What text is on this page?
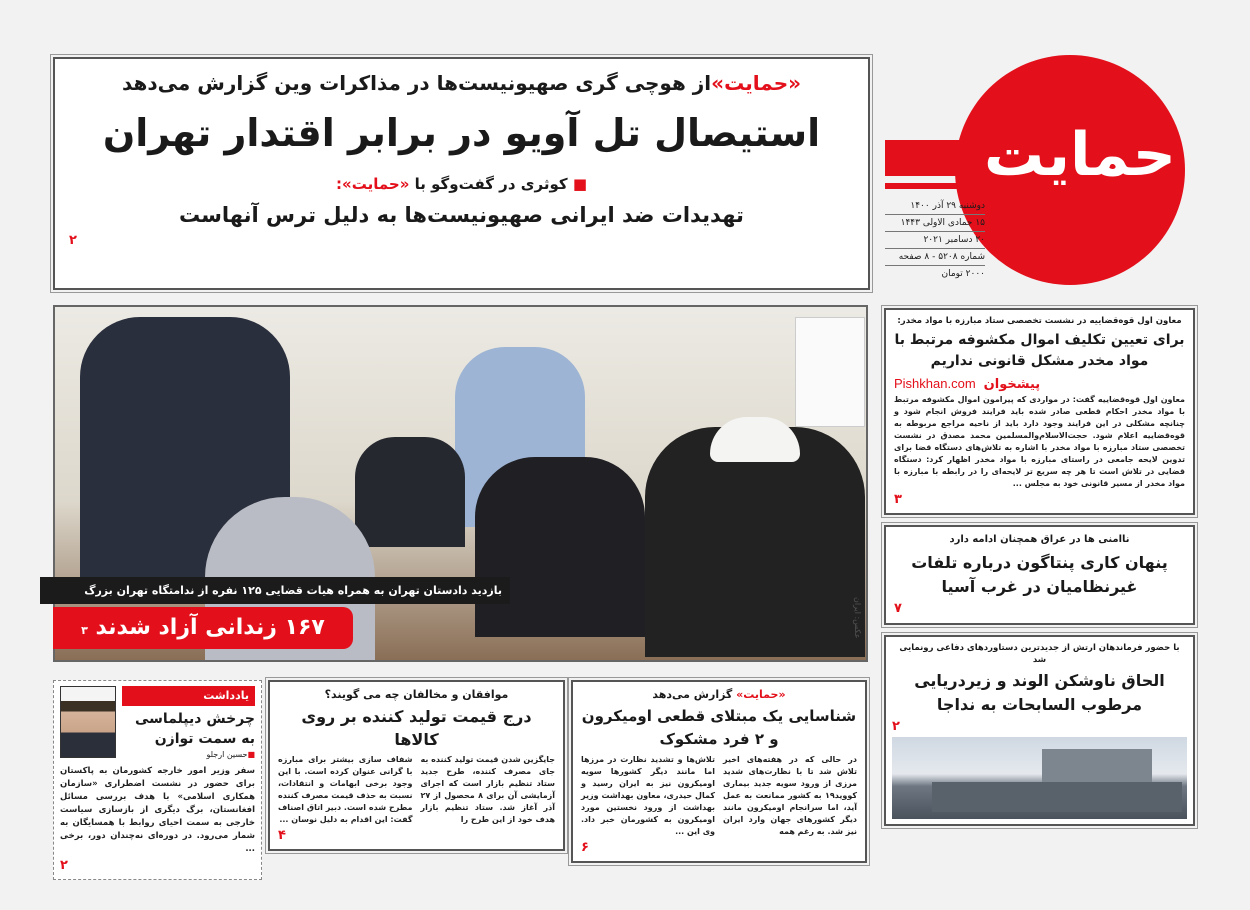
حمایت
دوشنبه ۲۹ آذر ۱۴۰۰
۱۵ جمادی الاولی ۱۴۴۳
۲۰ دسامبر ۲۰۲۱
شماره ۵۲۰۸ - ۸ صفحه
۲۰۰۰ تومان
«حمایت»از هوچی گری صهیونیست‌ها در مذاکرات وین گزارش می‌دهد
استیصال تل آویو در برابر اقتدار تهران
■ کوثری در گفت‌وگو با «حمایت»:
تهدیدات ضد ایرانی صهیونیست‌ها به دلیل ترس آنهاست
۲
عکس: ایران
بازدید دادستان تهران به همراه هیات قضایی ۱۲۵ نفره از ندامتگاه تهران بزرگ
۱۶۷ زندانی آزاد شدند ۳
معاون اول قوه‌قضاییه در نشست تخصصی ستاد مبارزه با مواد مخدر:
برای تعیین تکلیف اموال مکشوفه مرتبط با مواد مخدر مشکل قانونی نداریم
Pishkhan.com پیشخوان
معاون اول قوه‌قضاییه گفت: در مواردی که پیرامون اموال مکشوفه مرتبط با مواد مخدر احکام قطعی صادر شده باید فرایند فروش انجام شود و چنانچه مشکلی در این فرایند وجود دارد باید از ناحیه مراجع مربوطه به قوه‌قضاییه اعلام شود. حجت‌الاسلام‌والمسلمین محمد مصدق در نشست تخصصی ستاد مبارزه با مواد مخدر با اشاره به تلاش‌های دستگاه قضا برای تدوین لایحه جامعی در راستای مبارزه با مواد مخدر اظهار کرد: دستگاه قضایی در تلاش است تا هر چه سریع تر لایحه‌ای را در رابطه با مبارزه با مواد مخدر از مسیر قانونی خود به مجلس ...
۳
ناامنی ها در عراق همچنان ادامه دارد
پنهان کاری پنتاگون درباره تلفات غیرنظامیان در غرب آسیا
۷
با حضور فرماندهان ارتش از جدیدترین دستاوردهای دفاعی رونمایی شد
الحاق ناوشکن الوند و زیردریایی مرطوب السابحات به نداجا
۲
یادداشت
چرخش دیپلماسی به سمت توازن
■حسین ارجلو
سفر وزیر امور خارجه کشورمان به پاکستان برای حضور در نشست اضطراری «سازمان همکاری اسلامی» با هدف بررسی مسائل افغانستان، برگ دیگری از بازسازی سیاست خارجی به سمت احیای روابط با همسایگان به شمار می‌رود. در دوره‌ای نه‌چندان دور، برخی ...
۲
موافقان و مخالفان چه می گویند؟
درج قیمت تولید کننده بر روی کالاها
جایگزین شدن قیمت تولید کننده به جای مصرف کننده، طرح جدید ستاد تنظیم بازار است که اجرای آزمایشی آن برای ۸ محصول از ۲۷ آذر آغاز شد. ستاد تنظیم بازار هدف خود از این طرح را
شفاف سازی بیشتر برای مبارزه با گرانی عنوان کرده است. با این وجود برخی ابهامات و انتقادات، نسبت به حذف قیمت مصرف کننده مطرح شده است. دبیر اتاق اصناف گفت: این اقدام به دلیل نوسان ...
۴
«حمایت» گزارش می‌دهد
شناسایی یک مبتلای قطعی اومیکرون و ۲ فرد مشکوک
در حالی که در هفته‌های اخیر تلاش شد تا با نظارت‌های شدید مرزی از ورود سویه جدید بیماری کووید۱۹ به کشور ممانعت به عمل آید، اما سرانجام اومیکرون مانند دیگر کشورهای جهان وارد ایران نیز شد. به رغم همه
تلاش‌ها و تشدید نظارت در مرزها اما مانند دیگر کشورها سویه اومیکرون نیز به ایران رسید و کمال حیدری، معاون بهداشت وزیر بهداشت از ورود نخستین مورد اومیکرون به کشورمان خبر داد. وی این ...
۶
